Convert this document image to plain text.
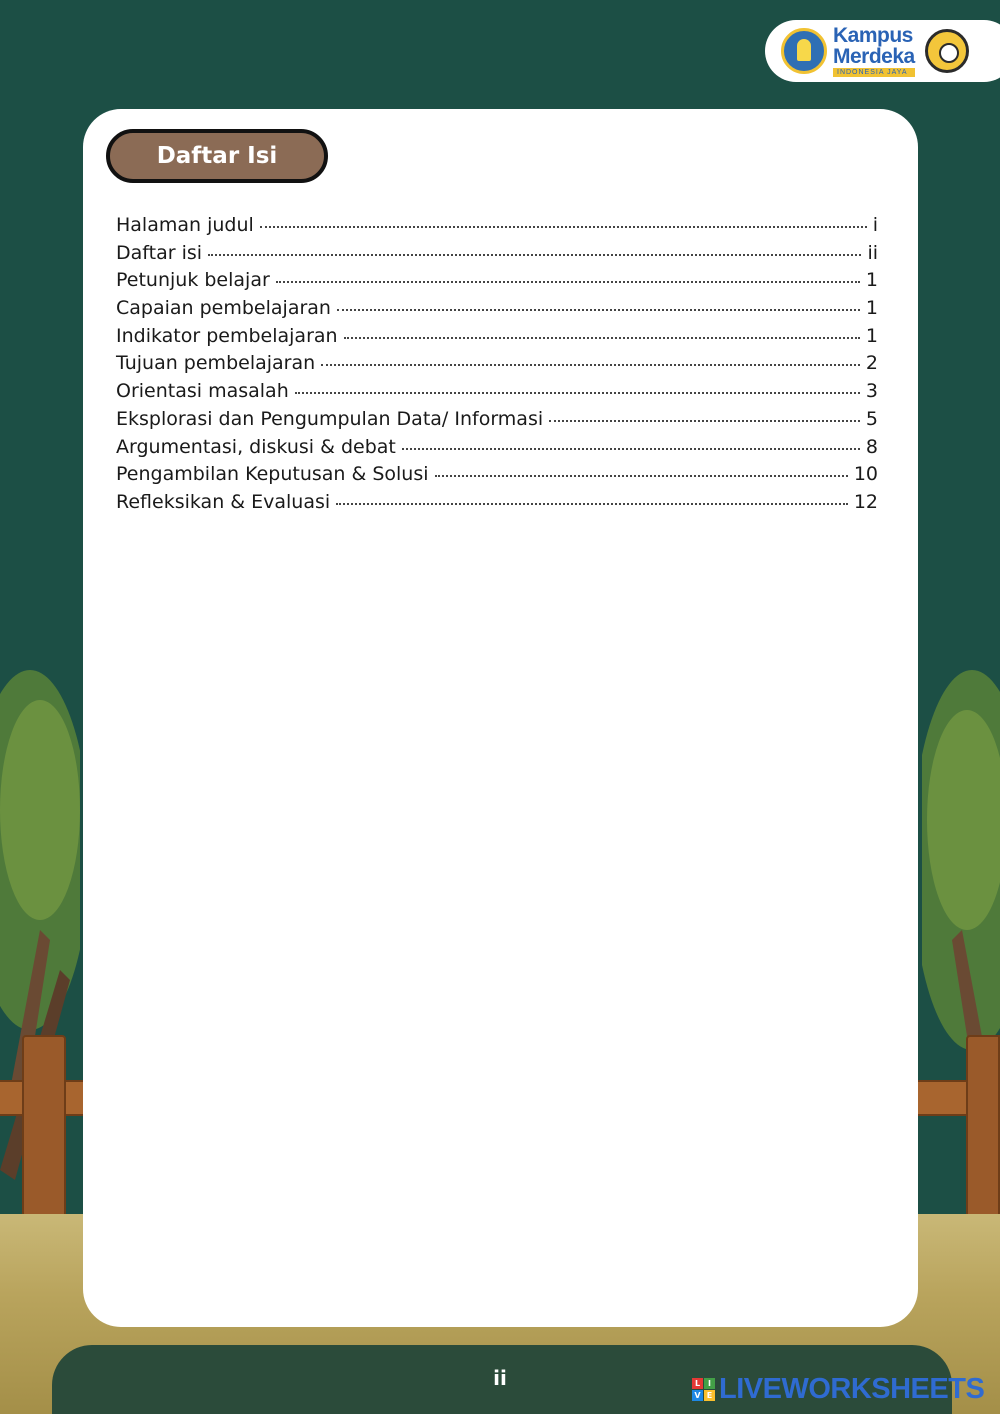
Kampus
Merdeka
INDONESIA JAYA
Daftar Isi
Halaman judul	i
Daftar isi	ii
Petunjuk belajar	1
Capaian pembelajaran	1
Indikator pembelajaran	1
Tujuan pembelajaran	2
Orientasi masalah	3
Eksplorasi dan Pengumpulan Data/ Informasi	5
Argumentasi, diskusi & debat	8
Pengambilan Keputusan & Solusi	10
Refleksikan & Evaluasi	12
ii	L I
V E LIVEWORKSHEETS
